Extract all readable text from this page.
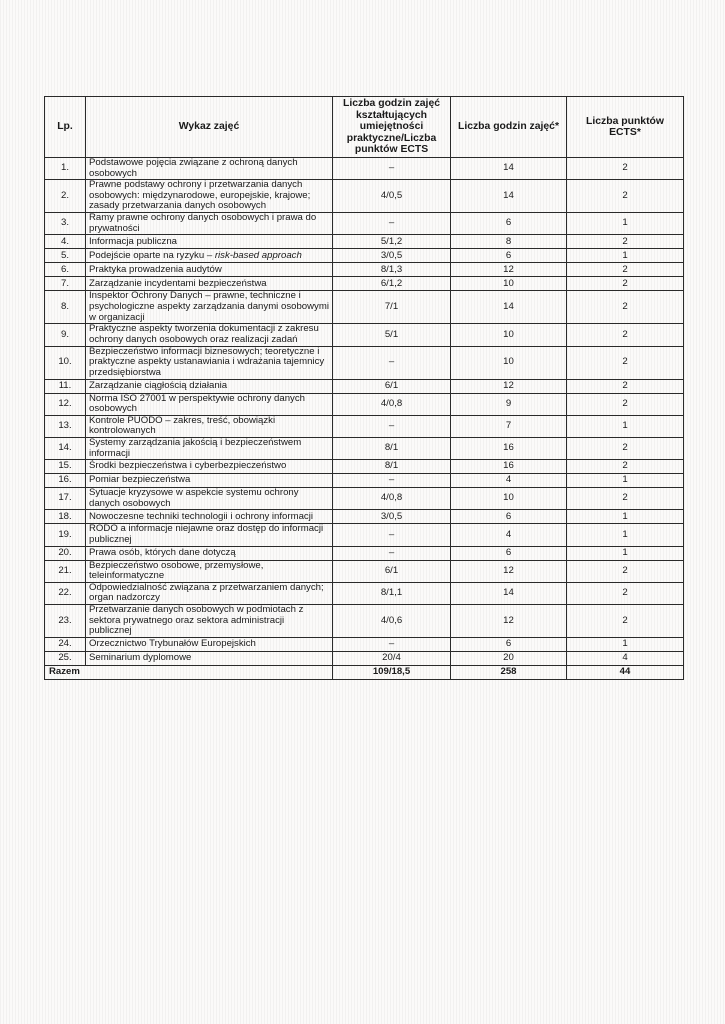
Lp.	Wykaz zajęć	Liczba godzin zajęć kształtujących umiejętności praktyczne/Liczba punktów ECTS	Liczba godzin zajęć*	Liczba punktów ECTS*
1.	Podstawowe pojęcia związane z ochroną danych osobowych	–	14	2
2.	Prawne podstawy ochrony i przetwarzania danych osobowych: międzynarodowe, europejskie, krajowe; zasady przetwarzania danych osobowych	4/0,5	14	2
3.	Ramy prawne ochrony danych osobowych i prawa do prywatności	–	6	1
4.	Informacja publiczna	5/1,2	8	2
5.	Podejście oparte na ryzyku – risk-based approach	3/0,5	6	1
6.	Praktyka prowadzenia audytów	8/1,3	12	2
7.	Zarządzanie incydentami bezpieczeństwa	6/1,2	10	2
8.	Inspektor Ochrony Danych – prawne, techniczne i psychologiczne aspekty zarządzania danymi osobowymi w organizacji	7/1	14	2
9.	Praktyczne aspekty tworzenia dokumentacji z zakresu ochrony danych osobowych oraz realizacji zadań	5/1	10	2
10.	Bezpieczeństwo informacji biznesowych; teoretyczne i praktyczne aspekty ustanawiania i wdrażania tajemnicy przedsiębiorstwa	–	10	2
11.	Zarządzanie ciągłością działania	6/1	12	2
12.	Norma ISO 27001 w perspektywie ochrony danych osobowych	4/0,8	9	2
13.	Kontrole PUODO – zakres, treść, obowiązki kontrolowanych	–	7	1
14.	Systemy zarządzania jakością i bezpieczeństwem informacji	8/1	16	2
15.	Środki bezpieczeństwa i cyberbezpieczeństwo	8/1	16	2
16.	Pomiar bezpieczeństwa	–	4	1
17.	Sytuacje kryzysowe w aspekcie systemu ochrony danych osobowych	4/0,8	10	2
18.	Nowoczesne techniki technologii i ochrony informacji	3/0,5	6	1
19.	RODO a informacje niejawne oraz dostęp do informacji publicznej	–	4	1
20.	Prawa osób, których dane dotyczą	–	6	1
21.	Bezpieczeństwo osobowe, przemysłowe, teleinformatyczne	6/1	12	2
22.	Odpowiedzialność związana z przetwarzaniem danych; organ nadzorczy	8/1,1	14	2
23.	Przetwarzanie danych osobowych w podmiotach z sektora prywatnego oraz sektora administracji publicznej	4/0,6	12	2
24.	Orzecznictwo Trybunałów Europejskich	–	6	1
25.	Seminarium dyplomowe	20/4	20	4
Razem		109/18,5	258	44
